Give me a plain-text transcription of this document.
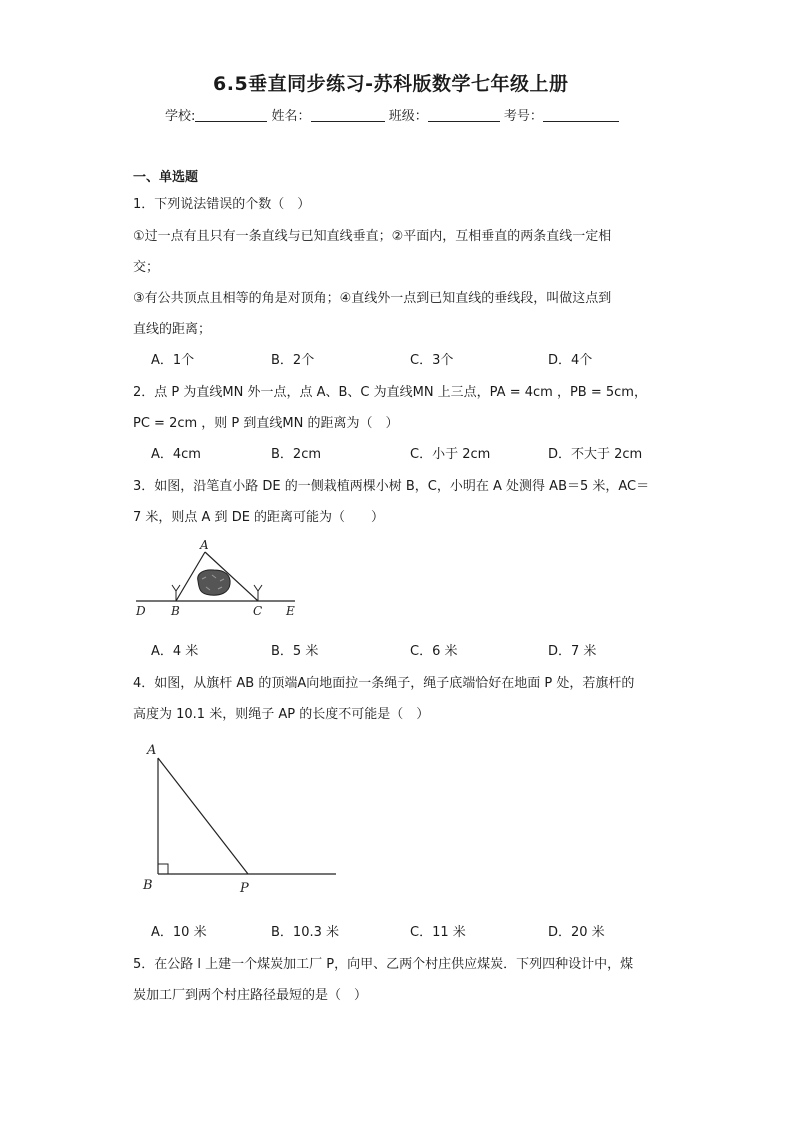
6.5垂直同步练习-苏科版数学七年级上册
学校:	姓名：	班级：	考号：
一、单选题
1．下列说法错误的个数（　）
①过一点有且只有一条直线与已知直线垂直；②平面内，互相垂直的两条直线一定相
交；
③有公共顶点且相等的角是对顶角；④直线外一点到已知直线的垂线段，叫做这点到
直线的距离；
A．1个	B．2个	C．3个	D．4个
2．点 P 为直线MN 外一点，点 A、B、C 为直线MN 上三点，PA = 4cm ，PB = 5cm，
PC = 2cm ，则 P 到直线MN 的距离为（　）
A．4cm	B．2cm	C．小于 2cm	D．不大于 2cm
3．如图，沿笔直小路 DE 的一侧栽植两棵小树 B，C，小明在 A 处测得 AB＝5 米，AC＝
7 米，则点 A 到 DE 的距离可能为（　　）
A
D B	C E
A．4 米	B．5 米	C．6 米	D．7 米
4．如图，从旗杆 AB 的顶端A向地面拉一条绳子，绳子底端恰好在地面 P 处，若旗杆的
高度为 10.1 米，则绳子 AP 的长度不可能是（　）
A
B	P
A．10 米	B．10.3 米	C．11 米	D．20 米
5．在公路 l 上建一个煤炭加工厂 P，向甲、乙两个村庄供应煤炭．下列四种设计中，煤
炭加工厂到两个村庄路径最短的是（　）
